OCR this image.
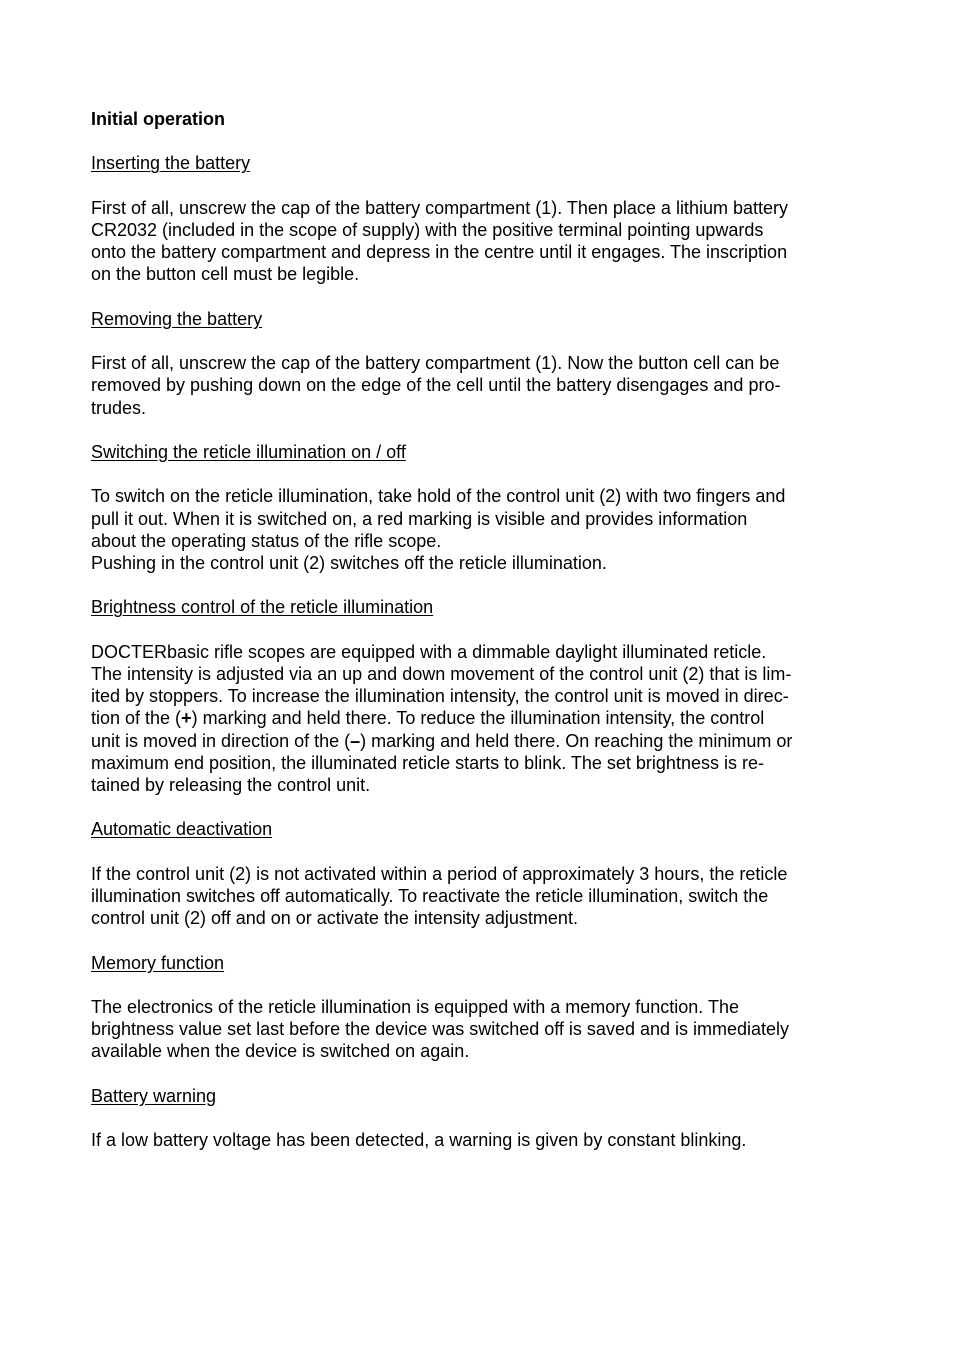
Initial operation
Inserting the battery
First of all, unscrew the cap of the battery compartment (1). Then place a lithium battery
CR2032 (included in the scope of supply) with the positive terminal pointing upwards
onto the battery compartment and depress in the centre until it engages. The inscription
on the button cell must be legible.
Removing the battery
First of all, unscrew the cap of the battery compartment (1). Now the button cell can be
removed by pushing down on the edge of the cell until the battery disengages and pro-
trudes.
Switching the reticle illumination on / off
To switch on the reticle illumination, take hold of the control unit (2) with two fingers and
pull it out. When it is switched on, a red marking is visible and provides information
about the operating status of the rifle scope.
Pushing in the control unit (2) switches off the reticle illumination.
Brightness control of the reticle illumination
DOCTERbasic rifle scopes are equipped with a dimmable daylight illuminated reticle.
The intensity is adjusted via an up and down movement of the control unit (2) that is lim-
ited by stoppers. To increase the illumination intensity, the control unit is moved in direc-
tion of the (+) marking and held there. To reduce the illumination intensity, the control
unit is moved in direction of the (–) marking and held there. On reaching the minimum or
maximum end position, the illuminated reticle starts to blink. The set brightness is re-
tained by releasing the control unit.
Automatic deactivation
If the control unit (2) is not activated within a period of approximately 3 hours, the reticle
illumination switches off automatically. To reactivate the reticle illumination, switch the
control unit (2) off and on or activate the intensity adjustment.
Memory function
The electronics of the reticle illumination is equipped with a memory function. The
brightness value set last before the device was switched off is saved and is immediately
available when the device is switched on again.
Battery warning
If a low battery voltage has been detected, a warning is given by constant blinking.
